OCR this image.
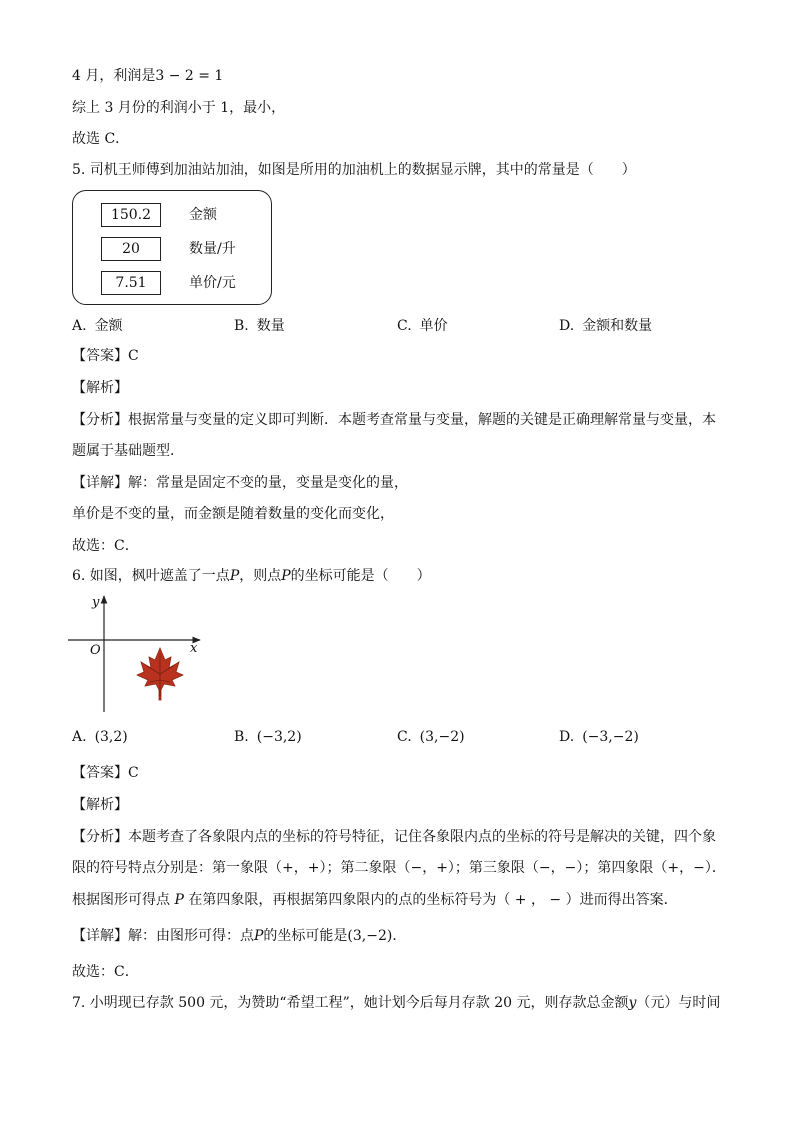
4 月，利润是3 − 2 = 1
综上 3 月份的利润小于 1，最小，
故选 C．
5. 司机王师傅到加油站加油，如图是所用的加油机上的数据显示牌，其中的常量是（　　）
150.2	金额
20	数量/升
7.51	单价/元
A. 金额	B. 数量	C. 单价	D. 金额和数量
【答案】C
【解析】
【分析】根据常量与变量的定义即可判断．本题考查常量与变量，解题的关键是正确理解常量与变量，本
题属于基础题型．
【详解】解：常量是固定不变的量，变量是变化的量，
单价是不变的量，而金额是随着数量的变化而变化，
故选：C．
6. 如图，枫叶遮盖了一点P，则点P的坐标可能是（　　）
y
x
O
A. (3,2)	B. (−3,2)	C. (3,−2)	D. (−3,−2)
【答案】C
【解析】
【分析】本题考查了各象限内点的坐标的符号特征，记住各象限内点的坐标的符号是解决的关键，四个象
限的符号特点分别是：第一象限（+，+）；第二象限（−，+）；第三象限（−，−）；第四象限（+，−）．
根据图形可得点 P 在第四象限，再根据第四象限内的点的坐标符号为（ + ， − ）进而得出答案．
【详解】解：由图形可得：点P的坐标可能是(3,−2)．
故选：C．
7. 小明现已存款 500 元，为赞助“希望工程”，她计划今后每月存款 20 元，则存款总金额y（元）与时间
